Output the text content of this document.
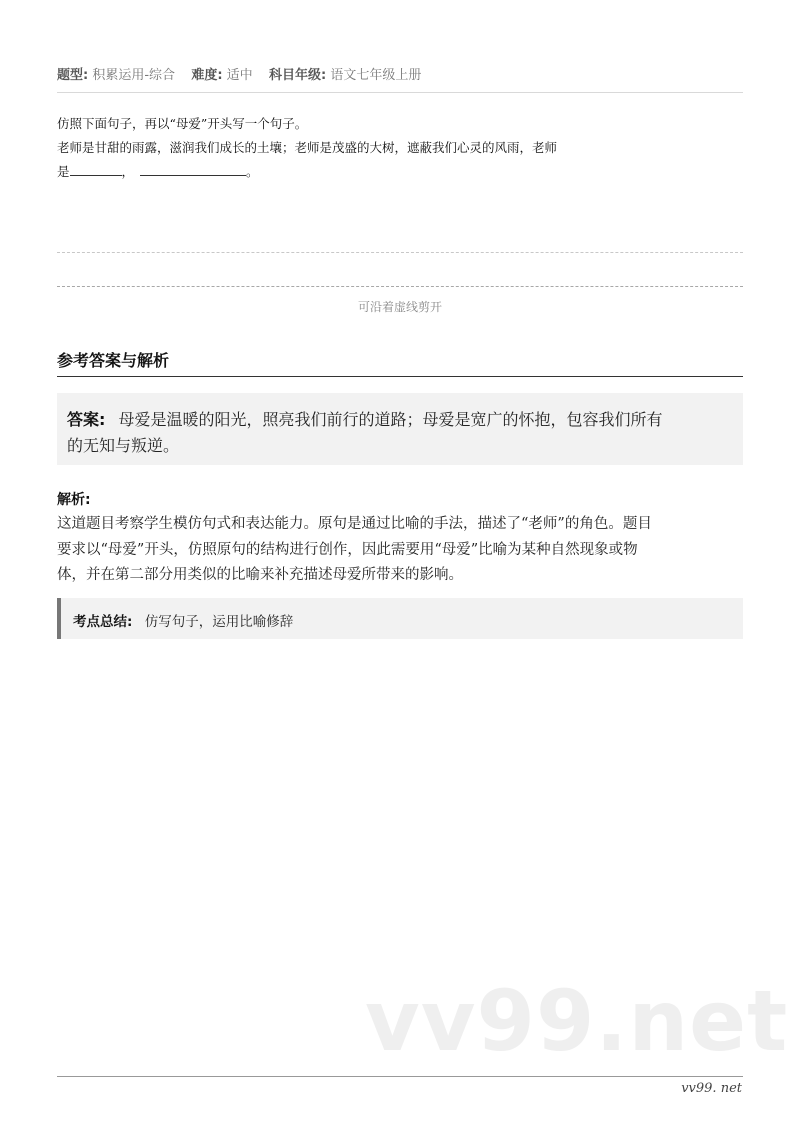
题型: 积累运用-综合 难度: 适中 科目年级: 语文七年级上册
仿照下面句子，再以“母爱”开头写一个句子。
老师是甘甜的雨露，滋润我们成长的土壤；老师是茂盛的大树，遮蔽我们心灵的风雨，老师
是	，	。
可沿着虚线剪开
参考答案与解析
答案: 母爱是温暖的阳光，照亮我们前行的道路；母爱是宽广的怀抱，包容我们所有
的无知与叛逆。
解析:
这道题目考察学生模仿句式和表达能力。原句是通过比喻的手法，描述了“老师”的角色。题目
要求以“母爱”开头，仿照原句的结构进行创作，因此需要用“母爱”比喻为某种自然现象或物
体，并在第二部分用类似的比喻来补充描述母爱所带来的影响。
考点总结: 仿写句子，运用比喻修辞
vv99.net
vv99. net
